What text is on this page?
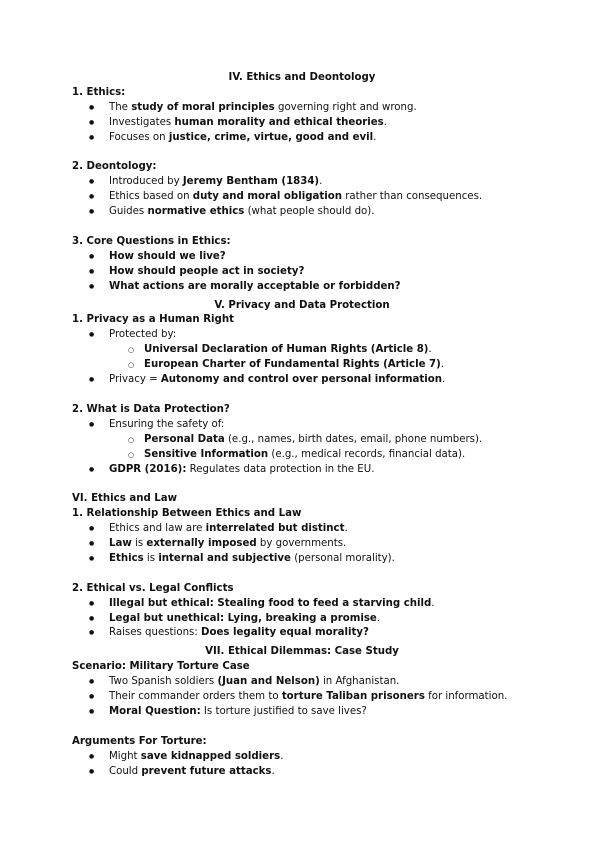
IV. Ethics and Deontology
1. Ethics:
● The study of moral principles governing right and wrong.
● Investigates human morality and ethical theories.
● Focuses on justice, crime, virtue, good and evil.
2. Deontology:
● Introduced by Jeremy Bentham (1834).
● Ethics based on duty and moral obligation rather than consequences.
● Guides normative ethics (what people should do).
3. Core Questions in Ethics:
● How should we live?
● How should people act in society?
● What actions are morally acceptable or forbidden?
V. Privacy and Data Protection
1. Privacy as a Human Right
● Protected by:
○ Universal Declaration of Human Rights (Article 8).
○ European Charter of Fundamental Rights (Article 7).
● Privacy = Autonomy and control over personal information.
2. What is Data Protection?
● Ensuring the safety of:
○ Personal Data (e.g., names, birth dates, email, phone numbers).
○ Sensitive Information (e.g., medical records, financial data).
● GDPR (2016): Regulates data protection in the EU.
VI. Ethics and Law
1. Relationship Between Ethics and Law
● Ethics and law are interrelated but distinct.
● Law is externally imposed by governments.
● Ethics is internal and subjective (personal morality).
2. Ethical vs. Legal Conflicts
● Illegal but ethical: Stealing food to feed a starving child.
● Legal but unethical: Lying, breaking a promise.
● Raises questions: Does legality equal morality?
VII. Ethical Dilemmas: Case Study
Scenario: Military Torture Case
● Two Spanish soldiers (Juan and Nelson) in Afghanistan.
● Their commander orders them to torture Taliban prisoners for information.
● Moral Question: Is torture justified to save lives?
Arguments For Torture:
● Might save kidnapped soldiers.
● Could prevent future attacks.
